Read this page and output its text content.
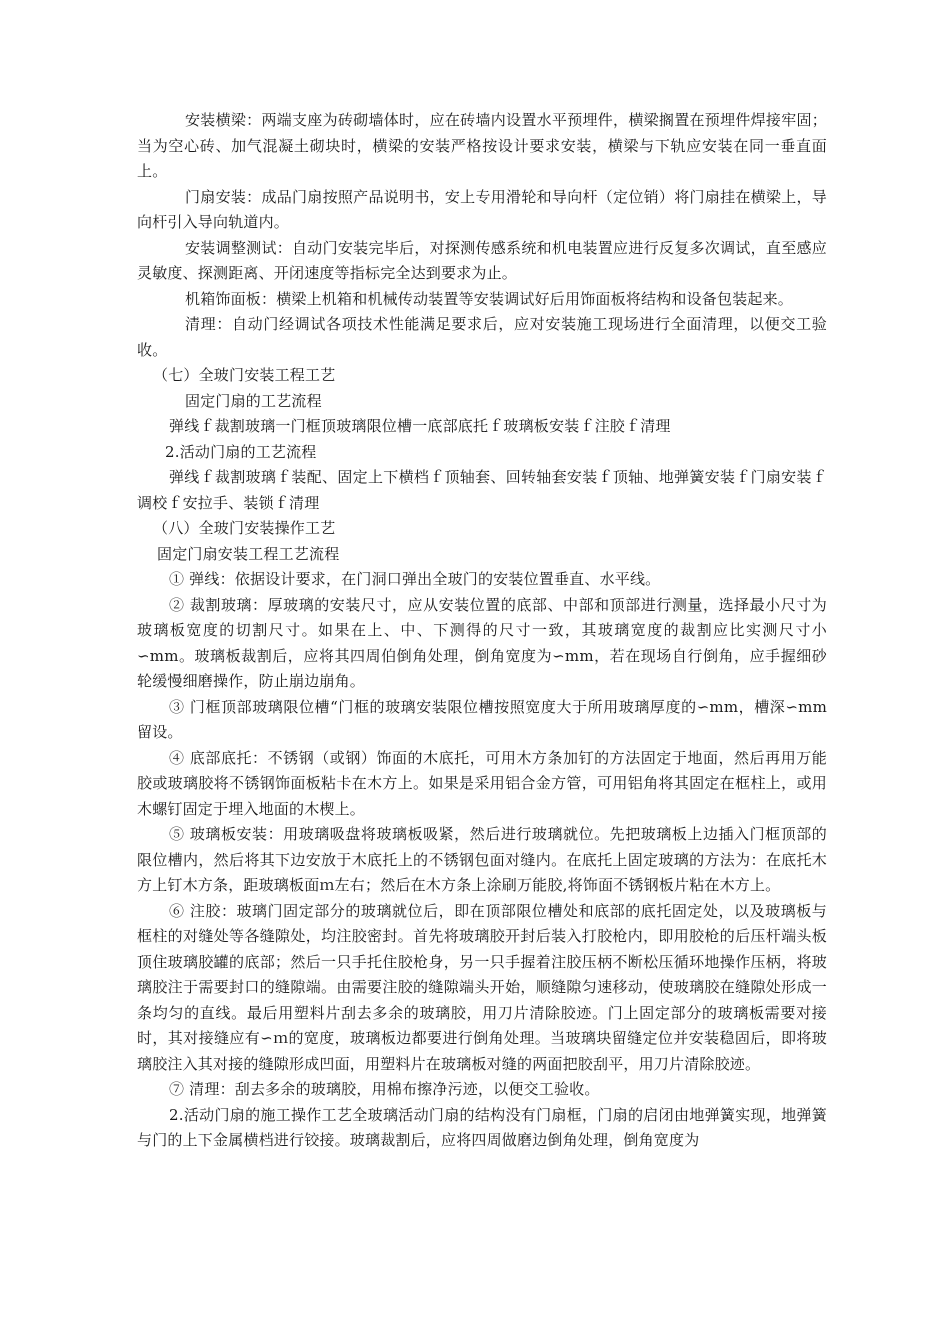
安装横梁：两端支座为砖砌墙体时，应在砖墙内设置水平预埋件，横梁搁置在预埋件焊接牢固；当为空心砖、加气混凝土砌块时，横梁的安装严格按设计要求安装，横梁与下轨应安装在同一垂直面上。

门扇安装：成品门扇按照产品说明书，安上专用滑轮和导向杆（定位销）将门扇挂在横梁上，导向杆引入导向轨道内。

安装调整测试：自动门安装完毕后，对探测传感系统和机电装置应进行反复多次调试，直至感应灵敏度、探测距离、开闭速度等指标完全达到要求为止。

机箱饰面板：横梁上机箱和机械传动装置等安装调试好后用饰面板将结构和设备包装起来。

清理：自动门经调试各项技术性能满足要求后，应对安装施工现场进行全面清理，以便交工验收。

（七）全玻门安装工程工艺

固定门扇的工艺流程

弹线ｆ裁割玻璃一门框顶玻璃限位槽一底部底托ｆ玻璃板安装ｆ注胶ｆ清理

2.活动门扇的工艺流程

弹线ｆ裁割玻璃ｆ装配、固定上下横档ｆ顶轴套、回转轴套安装ｆ顶轴、地弹簧安装ｆ门扇安装ｆ调校ｆ安拉手、装锁ｆ清理

（八）全玻门安装操作工艺

固定门扇安装工程工艺流程

① 弹线：依据设计要求，在门洞口弹出全玻门的安装位置垂直、水平线。

② 裁割玻璃：厚玻璃的安装尺寸，应从安装位置的底部、中部和顶部进行测量，选择最小尺寸为玻璃板宽度的切割尺寸。如果在上、中、下测得的尺寸一致，其玻璃宽度的裁割应比实测尺寸小∽mm。玻璃板裁割后，应将其四周伯倒角处理，倒角宽度为∽mm，若在现场自行倒角，应手握细砂轮缓慢细磨操作，防止崩边崩角。

③ 门框顶部玻璃限位槽“门框的玻璃安装限位槽按照宽度大于所用玻璃厚度的∽mm，槽深∽mm留设。

④ 底部底托：不锈钢（或钢）饰面的木底托，可用木方条加钉的方法固定于地面，然后再用万能胶或玻璃胶将不锈钢饰面板粘卡在木方上。如果是采用铝合金方管，可用铝角将其固定在框柱上，或用木螺钉固定于埋入地面的木楔上。

⑤ 玻璃板安装：用玻璃吸盘将玻璃板吸紧，然后进行玻璃就位。先把玻璃板上边插入门框顶部的限位槽内，然后将其下边安放于木底托上的不锈钢包面对缝内。在底托上固定玻璃的方法为：在底托木方上钉木方条，距玻璃板面ｍ左右；然后在木方条上涂刷万能胶,将饰面不锈钢板片粘在木方上。

⑥ 注胶：玻璃门固定部分的玻璃就位后，即在顶部限位槽处和底部的底托固定处，以及玻璃板与框柱的对缝处等各缝隙处，均注胶密封。首先将玻璃胶开封后装入打胶枪内，即用胶枪的后压杆端头板顶住玻璃胶罐的底部；然后一只手托住胶枪身，另一只手握着注胶压柄不断松压循环地操作压柄，将玻璃胶注于需要封口的缝隙端。由需要注胶的缝隙端头开始，顺缝隙匀速移动，使玻璃胶在缝隙处形成一条均匀的直线。最后用塑料片刮去多余的玻璃胶，用刀片清除胶迹。门上固定部分的玻璃板需要对接时，其对接缝应有∽ｍ的宽度，玻璃板边都要进行倒角处理。当玻璃块留缝定位并安装稳固后，即将玻璃胶注入其对接的缝隙形成凹面，用塑料片在玻璃板对缝的两面把胶刮平，用刀片清除胶迹。

⑦ 清理：刮去多余的玻璃胶，用棉布擦净污迹，以便交工验收。

2.活动门扇的施工操作工艺全玻璃活动门扇的结构没有门扇框，门扇的启闭由地弹簧实现，地弹簧与门的上下金属横档进行铰接。玻璃裁割后，应将四周做磨边倒角处理，倒角宽度为
